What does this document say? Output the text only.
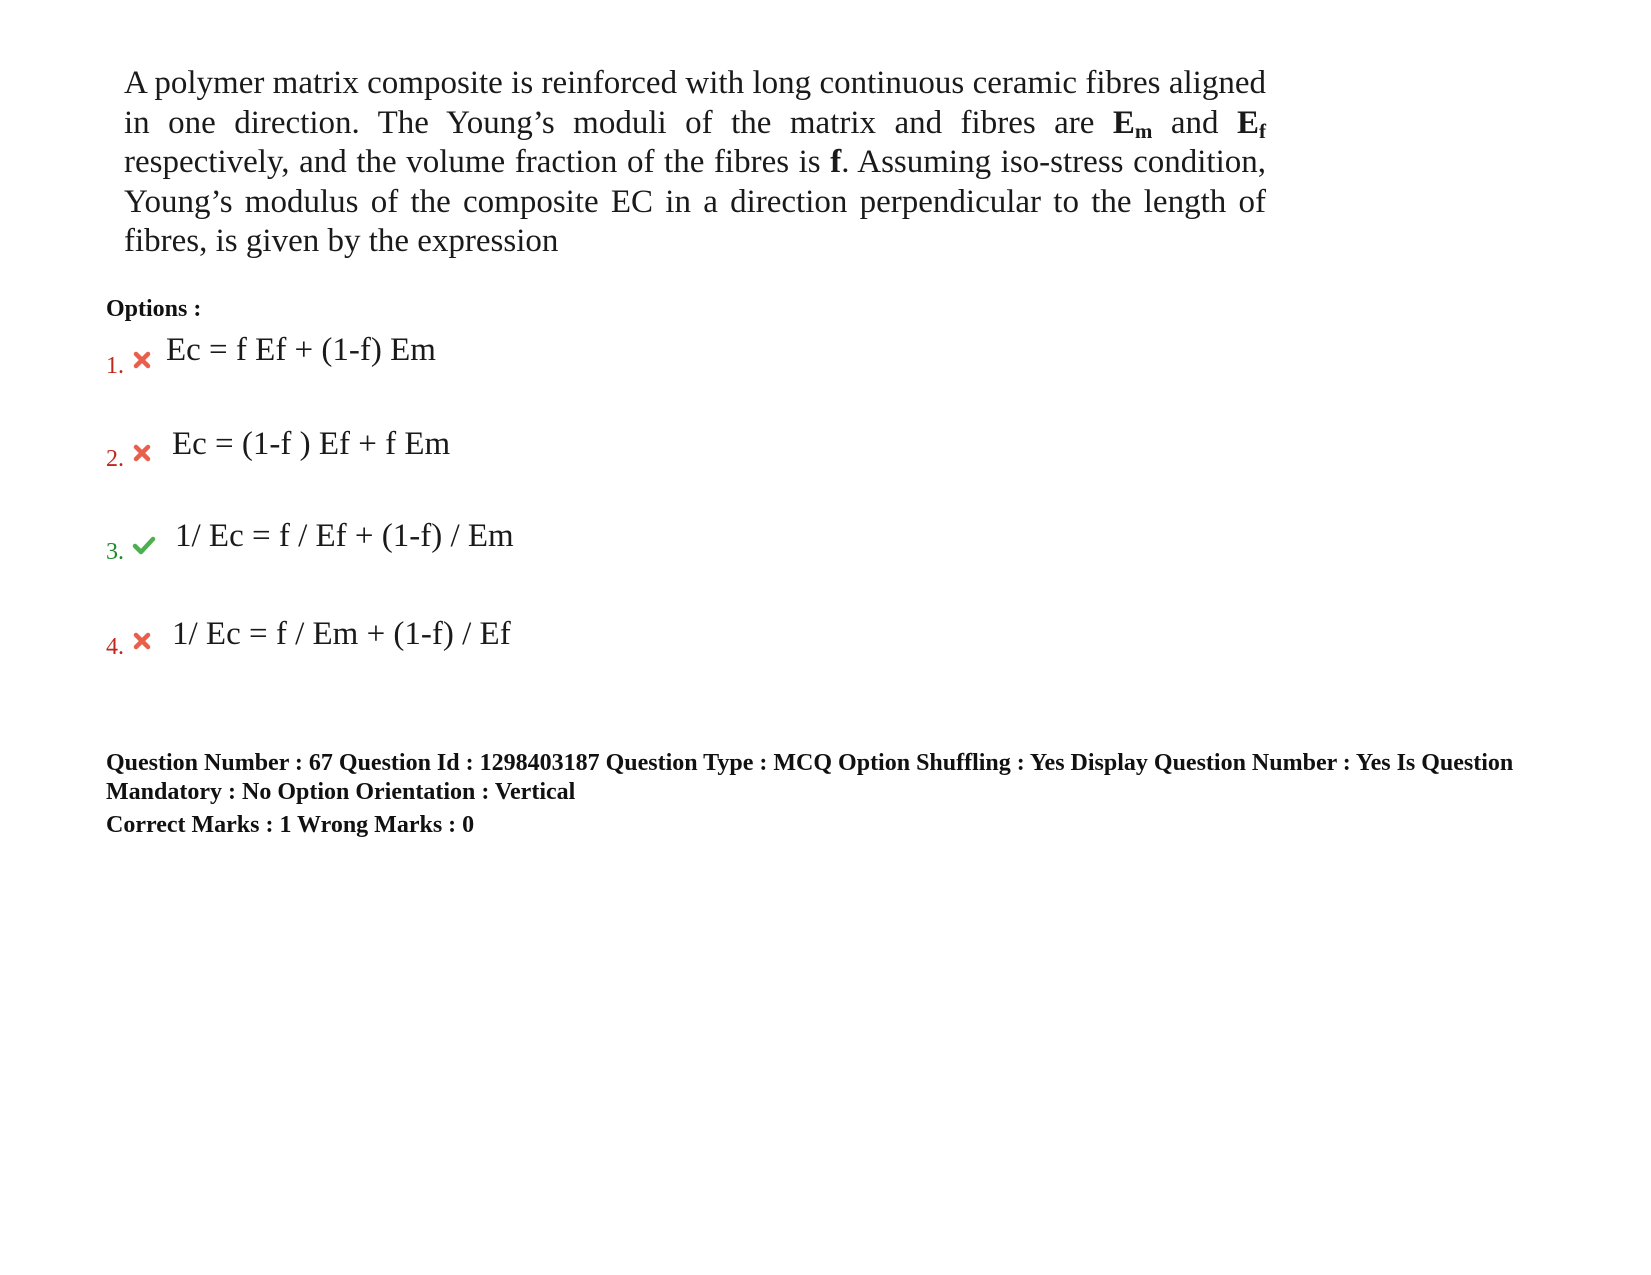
A polymer matrix composite is reinforced with long continuous ceramic fibres aligned in one direction. The Young’s moduli of the matrix and fibres are $E_m$ and $E_f$ respectively, and the volume fraction of the fibres is f. Assuming iso-stress condition, Young’s modulus of the composite EC in a direction perpendicular to the length of fibres, is given by the expression
Options :
1. Ec = f Ef + (1-f) Em
2. Ec = (1-f ) Ef + f Em
3. 1/ Ec = f / Ef + (1-f) / Em
4. 1/ Ec = f / Em + (1-f) / Ef
Question Number : 67 Question Id : 1298403187 Question Type : MCQ Option Shuffling : Yes Display Question Number : Yes Is Question Mandatory : No Option Orientation : Vertical
Correct Marks : 1 Wrong Marks : 0
